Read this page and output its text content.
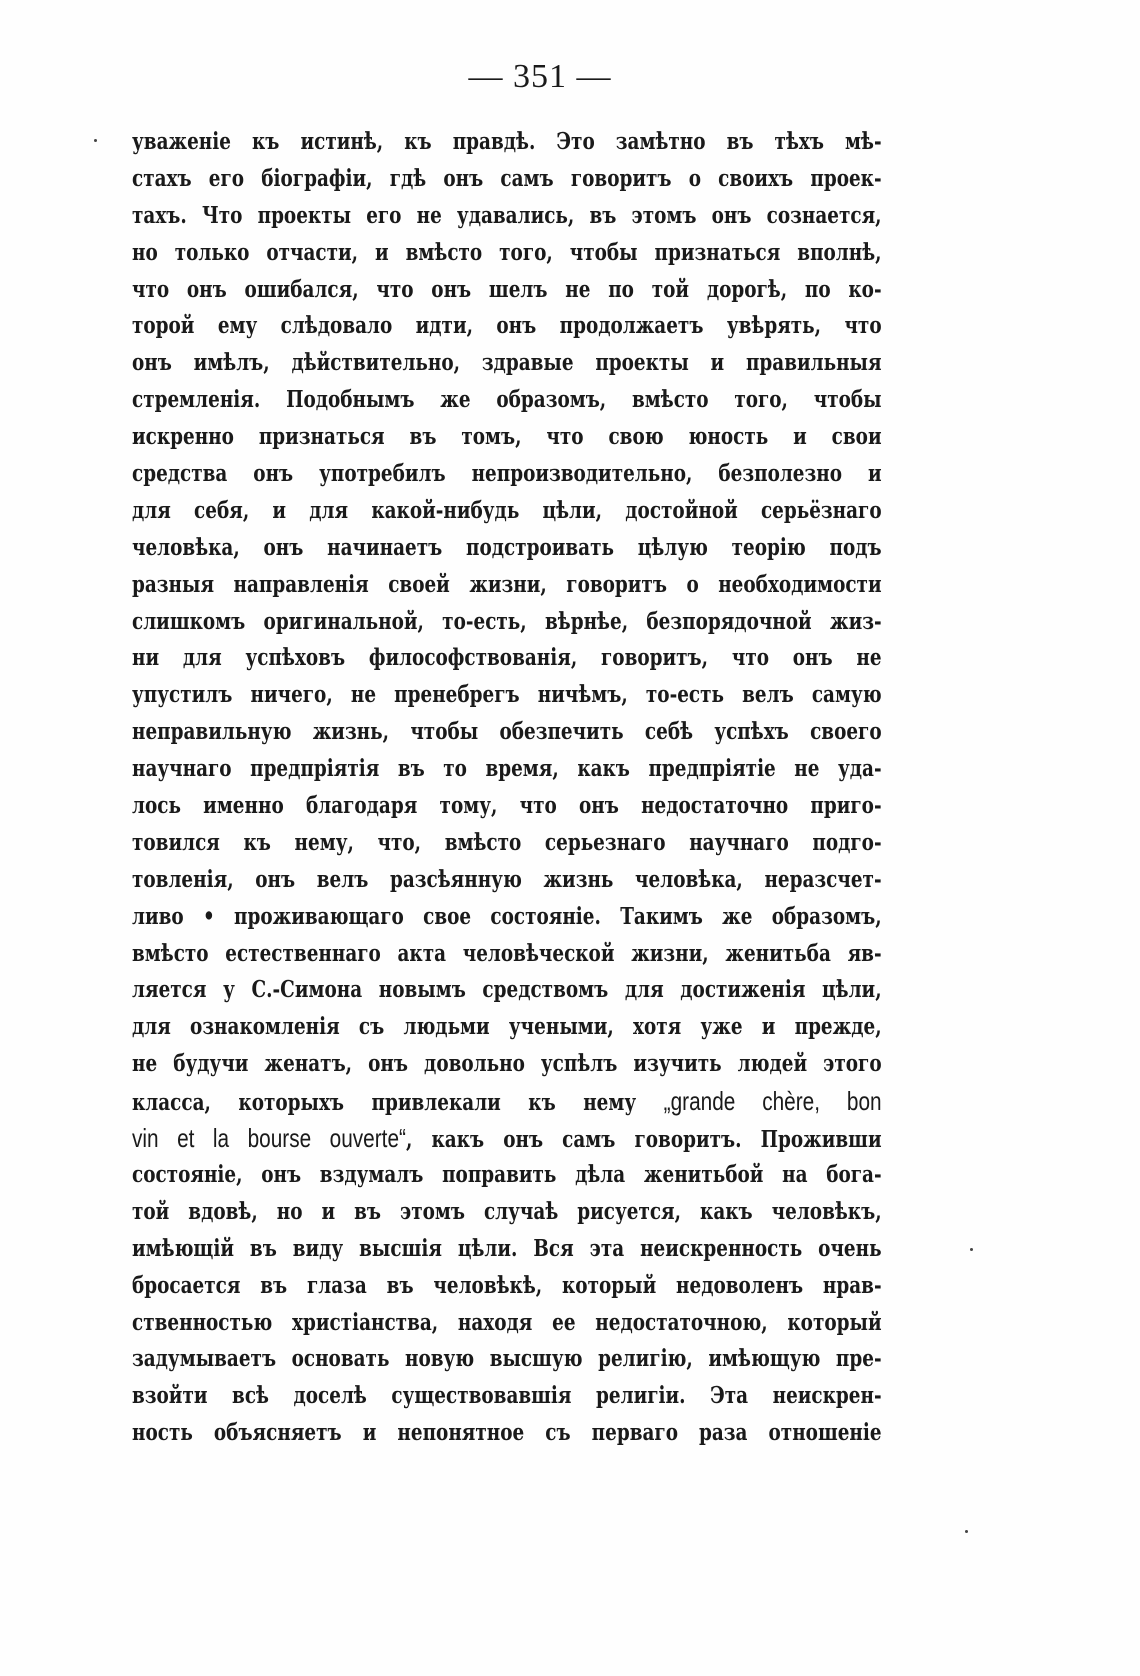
— 351 —
уваженіе къ истинѣ, къ правдѣ. Это замѣтно въ тѣхъ мѣ-
стахъ его біографіи, гдѣ онъ самъ говоритъ о своихъ проек-
тахъ. Что проекты его не удавались, въ этомъ онъ сознается,
но только отчасти, и вмѣсто того, чтобы признаться вполнѣ,
что онъ ошибался, что онъ шелъ не по той дорогѣ, по ко-
торой ему слѣдовало идти, онъ продолжаетъ увѣрять, что
онъ имѣлъ, дѣйствительно, здравые проекты и правильныя
стремленія. Подобнымъ же образомъ, вмѣсто того, чтобы
искренно признаться въ томъ, что свою юность и свои
средства онъ употребилъ непроизводительно, безполезно и
для себя, и для какой-нибудь цѣли, достойной серьёзнаго
человѣка, онъ начинаетъ подстроивать цѣлую теорію подъ
разныя направленія своей жизни, говоритъ о необходимости
слишкомъ оригинальной, то-есть, вѣрнѣе, безпорядочной жиз-
ни для успѣховъ философствованія, говоритъ, что онъ не
упустилъ ничего, не пренебрегъ ничѣмъ, то-есть велъ самую
неправильную жизнь, чтобы обезпечить себѣ успѣхъ своего
научнаго предпріятія въ то время, какъ предпріятіе не уда-
лось именно благодаря тому, что онъ недостаточно приго-
товился къ нему, что, вмѣсто серьезнаго научнаго подго-
товленія, онъ велъ разсѣянную жизнь человѣка, неразсчет-
ливо • проживающаго свое состояніе. Такимъ же образомъ,
вмѣсто естественнаго акта человѣческой жизни, женитьба яв-
ляется у С.-Симона новымъ средствомъ для достиженія цѣли,
для ознакомленія съ людьми учеными, хотя уже и прежде,
не будучи женатъ, онъ довольно успѣлъ изучить людей этого
класса, которыхъ привлекали къ нему „grande chère, bon
vin et la bourse ouverte“, какъ онъ самъ говоритъ. Проживши
состояніе, онъ вздумалъ поправить дѣла женитьбой на бога-
той вдовѣ, но и въ этомъ случаѣ рисуется, какъ человѣкъ,
имѣющій въ виду высшія цѣли. Вся эта неискренность очень
бросается въ глаза въ человѣкѣ, который недоволенъ нрав-
ственностью христіанства, находя ее недостаточною, который
задумываетъ основать новую высшую религію, имѣющую пре-
взойти всѣ доселѣ существовавшія религіи. Эта неискрен-
ность объясняетъ и непонятное съ перваго раза отношеніе
